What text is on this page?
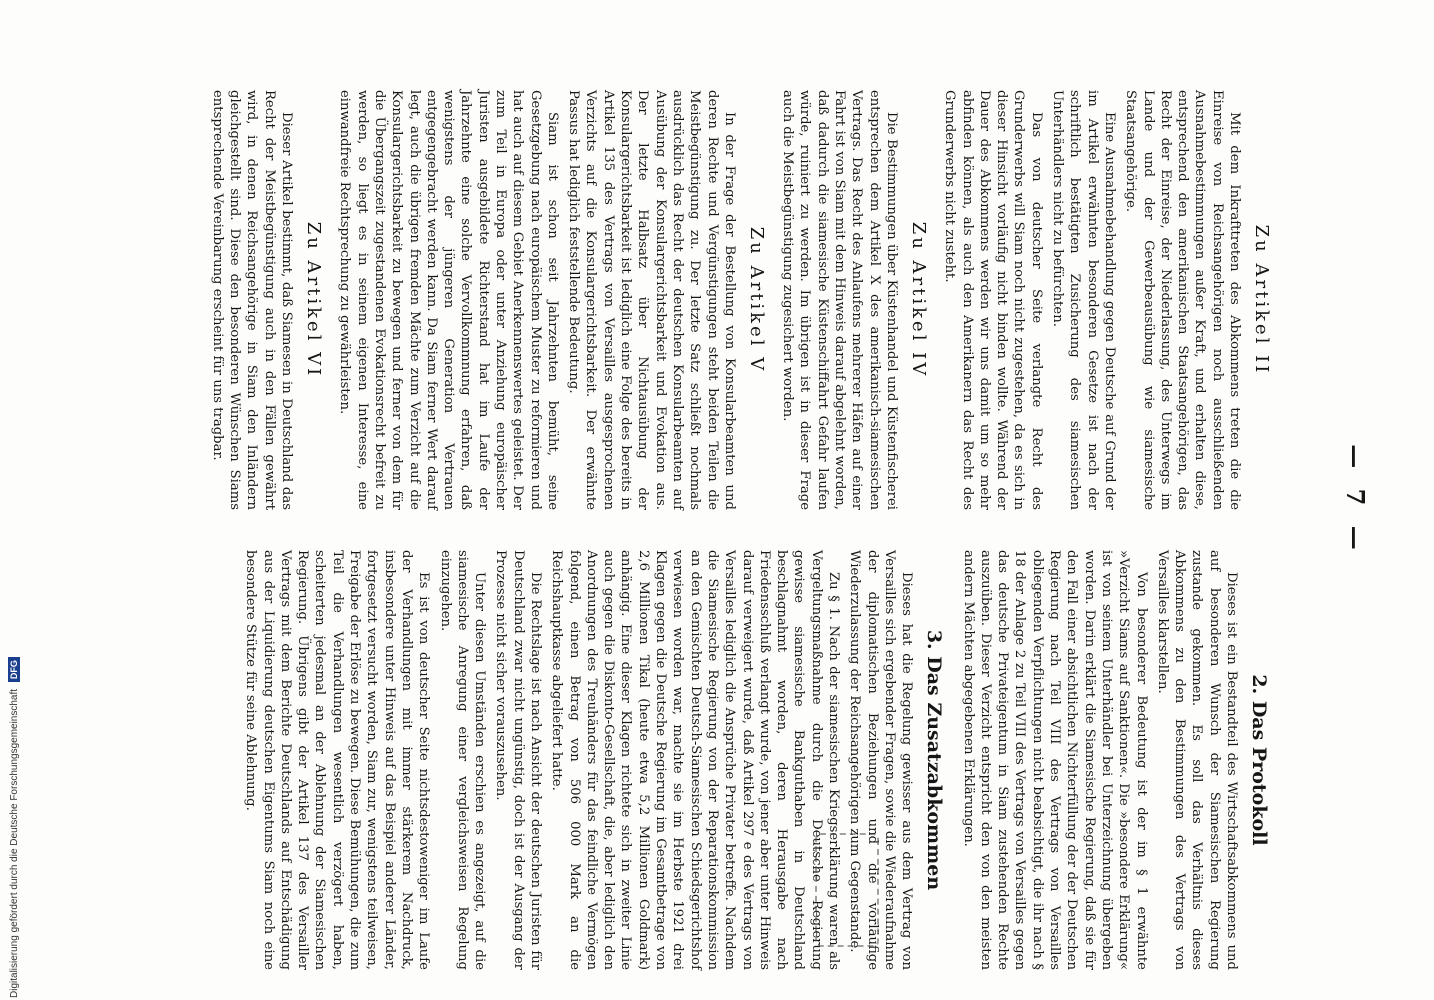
— 7 —
Zu Artikel II

Mit dem Inkrafttreten des Abkommens treten die die Einreise von Reichsangehörigen noch ausschließenden Ausnahmebestimmungen außer Kraft, und erhalten diese, entsprechend den amerikanischen Staatsangehörigen, das Recht der Einreise, der Niederlassung, des Unterwegs im Lande und der Gewerbeausübung wie siamesische Staatsangehörige.

Eine Ausnahmebehandlung gegen Deutsche auf Grund der im Artikel erwähnten besonderen Gesetze ist nach der schriftlich bestätigten Zusicherung des siamesischen Unterhändlers nicht zu befürchten.

Das von deutscher Seite verlangte Recht des Grunderwerbs will Siam noch nicht zugestehen, da es sich in dieser Hinsicht vorläufig nicht binden wollte. Während der Dauer des Abkommens werden wir uns damit um so mehr abfinden können, als auch den Amerikanern das Recht des Grunderwerbs nicht zusteht.

Zu Artikel IV

Die Bestimmungen über Küstenhandel und Küstenfischerei entsprechen dem Artikel X des amerikanisch-siamesischen Vertrags. Das Recht des Anlaufens mehrerer Häfen auf einer Fahrt ist von Siam mit dem Hinweis darauf abgelehnt worden, daß dadurch die siamesische Küstenschiffahrt Gefahr laufen würde, ruiniert zu werden. Im übrigen ist in dieser Frage auch die Meistbegünstigung zugesichert worden.

Zu Artikel V

In der Frage der Bestellung von Konsularbeamten und deren Rechte und Vergünstigungen steht beiden Teilen die Meistbegünstigung zu. Der letzte Satz schließt nochmals ausdrücklich das Recht der deutschen Konsularbeamten auf Ausübung der Konsulargerichtsbarkeit und Evokation aus. Der letzte Halbsatz über Nichtausübung der Konsulargerichtsbarkeit ist lediglich eine Folge des bereits in Artikel 135 des Vertrags von Versailles ausgesprochenen Verzichts auf die Konsulargerichtsbarkeit. Der erwähnte Passus hat lediglich feststellende Bedeutung.

Siam ist schon seit Jahrzehnten bemüht, seine Gesetzgebung nach europäischem Muster zu reformieren und hat auch auf diesem Gebiet Anerkennenswertes geleistet. Der zum Teil in Europa oder unter Anziehung europäischer Juristen ausgebildete Richterstand hat im Laufe der Jahrzehnte eine solche Vervollkommnung erfahren, daß wenigstens der jüngeren Generation Vertrauen entgegengebracht werden kann. Da Siam ferner Wert darauf legt, auch die übrigen fremden Mächte zum Verzicht auf die Konsulargerichtsbarkeit zu bewegen und ferner von dem für die Übergangszeit zugestandenen Evokationsrecht befreit zu werden, so liegt es in seinem eigenen Interesse, eine einwandfreie Rechtsprechung zu gewährleisten.

Zu Artikel VI

Dieser Artikel bestimmt, daß Siamesen in Deutschland das Recht der Meistbegünstigung auch in den Fällen gewährt wird, in denen Reichsangehörige in Siam den Inländern gleichgestellt sind. Diese den besonderen Wünschen Siams entsprechende Vereinbarung erscheint für uns tragbar.

2. Das Protokoll

Dieses ist ein Bestandteil des Wirtschaftsabkommens und auf besonderen Wunsch der Siamesischen Regierung zustande gekommen. Es soll das Verhältnis dieses Abkommens zu den Bestimmungen des Vertrags von Versailles klarstellen.

Von besonderer Bedeutung ist der im § 1 erwähnte »Verzicht Siams auf Sanktionen«. Die »besondere Erklärung« ist von seinem Unterhändler bei Unterzeichnung übergeben worden. Darin erklärt die Siamesische Regierung, daß sie für den Fall einer absichtlichen Nichterfüllung der der Deutschen Regierung nach Teil VIII des Vertrags von Versailles obliegenden Verpflichtungen nicht beabsichtigt, die ihr nach § 18 der Anlage 2 zu Teil VIII des Vertrags von Versailles gegen das deutsche Privateigentum in Siam zustehenden Rechte auszuüben. Dieser Verzicht entspricht den von den meisten andern Mächten abgegebenen Erklärungen.

3. Das Zusatzabkommen

Dieses hat die Regelung gewisser aus dem Vertrag von Versailles sich ergebender Fragen, sowie die Wiederaufnahme der diplomatischen Beziehungen und die vorläufige Wiederzulassung der Reichsangehörigen zum Gegenstande.

Zu § 1. Nach der siamesischen Kriegserklärung waren als Vergeltungsmaßnahme durch die Deutsche Regierung gewisse siamesische Bankguthaben in Deutschland beschlagnahmt worden, deren Herausgabe nach Friedensschluß verlangt wurde, von jener aber unter Hinweis darauf verweigert wurde, daß Artikel 297 e des Vertrags von Versailles lediglich die Ansprüche Privater betreffe. Nachdem die Siamesische Regierung von der Reparationskommission an den Gemischten Deutsch-Siamesischen Schiedsgerichtshof verwiesen worden war, machte sie im Herbste 1921 drei Klagen gegen die Deutsche Regierung im Gesamtbetrage von 2,6 Millionen Tikal (heute etwa 5,2 Millionen Goldmark) anhängig. Eine dieser Klagen richtete sich in zweiter Linie auch gegen die Diskonto-Gesellschaft, die, aber lediglich den Anordnungen des Treuhänders für das feindliche Vermögen folgend, einen Betrag von 506 000 Mark an die Reichshauptkasse abgeliefert hatte.

Die Rechtslage ist nach Ansicht der deutschen Juristen für Deutschland zwar nicht ungünstig, doch ist der Ausgang der Prozesse nicht sicher vorauszusehen.

Unter diesen Umständen erschien es angezeigt, auf die siamesische Anregung einer vergleichsweisen Regelung einzugehen.

Es ist von deutscher Seite nichtsdestoweniger im Laufe der Verhandlungen mit immer stärkerem Nachdruck, insbesondere unter Hinweis auf das Beispiel anderer Länder, fortgesetzt versucht worden, Siam zur, wenigstens teilweisen, Freigabe der Erlöse zu bewegen. Diese Bemühungen, die zum Teil die Verhandlungen wesentlich verzögert haben, scheiterten jedesmal an der Ablehnung der Siamesischen Regierung. Übrigens gibt der Artikel 137 des Versailler Vertrags mit dem Berichte Deutschlands auf Entschädigung aus der Liquidierung deutschen Eigentums Siam noch eine besondere Stütze für seine Ablehnung.

Digitalisierung gefördert durch die Deutsche Forschungsgemeinschaft DFG
